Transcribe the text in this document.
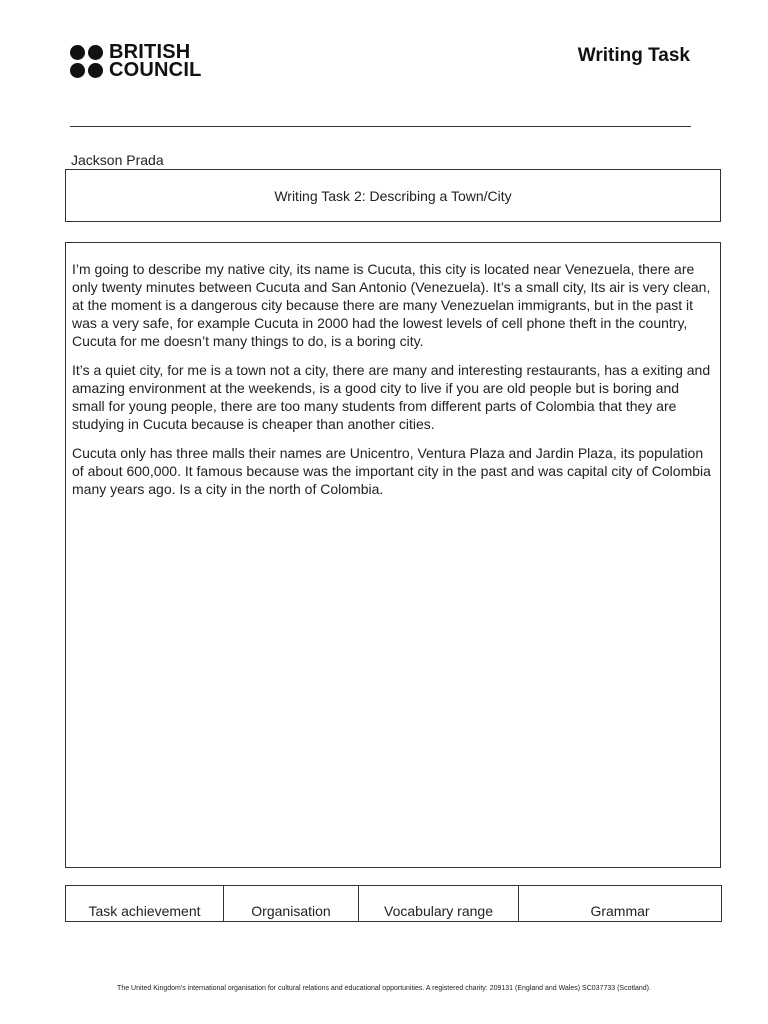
BRITISH
COUNCIL
Writing Task
Jackson Prada
Writing Task 2: Describing a Town/City

I’m going to describe my native city, its name is Cucuta, this city is located near Venezuela, there are only twenty minutes between Cucuta and San Antonio (Venezuela). It’s a small city, Its air is very clean, at the moment is a dangerous city because there are many Venezuelan immigrants, but in the past it was a very safe, for example Cucuta in 2000 had the lowest levels of cell phone theft in the country, Cucuta for me doesn’t many things to do, is a boring city.

It’s a quiet city, for me is a town not a city, there are many and interesting restaurants, has a exiting and amazing environment at the weekends, is a good city to live if you are old people but is boring and small for young people, there are too many students from different parts of Colombia that they are studying in Cucuta because is cheaper than another cities.

Cucuta only has three malls their names are Unicentro, Ventura Plaza and Jardin Plaza, its population of about 600,000. It famous because was the important city in the past and was capital city of Colombia many years ago. Is a city in the north of Colombia.

Task achievement	Organisation	Vocabulary range	Grammar
The United Kingdom’s international organisation for cultural relations and educational opportunities. A registered charity: 209131 (England and Wales) SC037733 (Scotland).
